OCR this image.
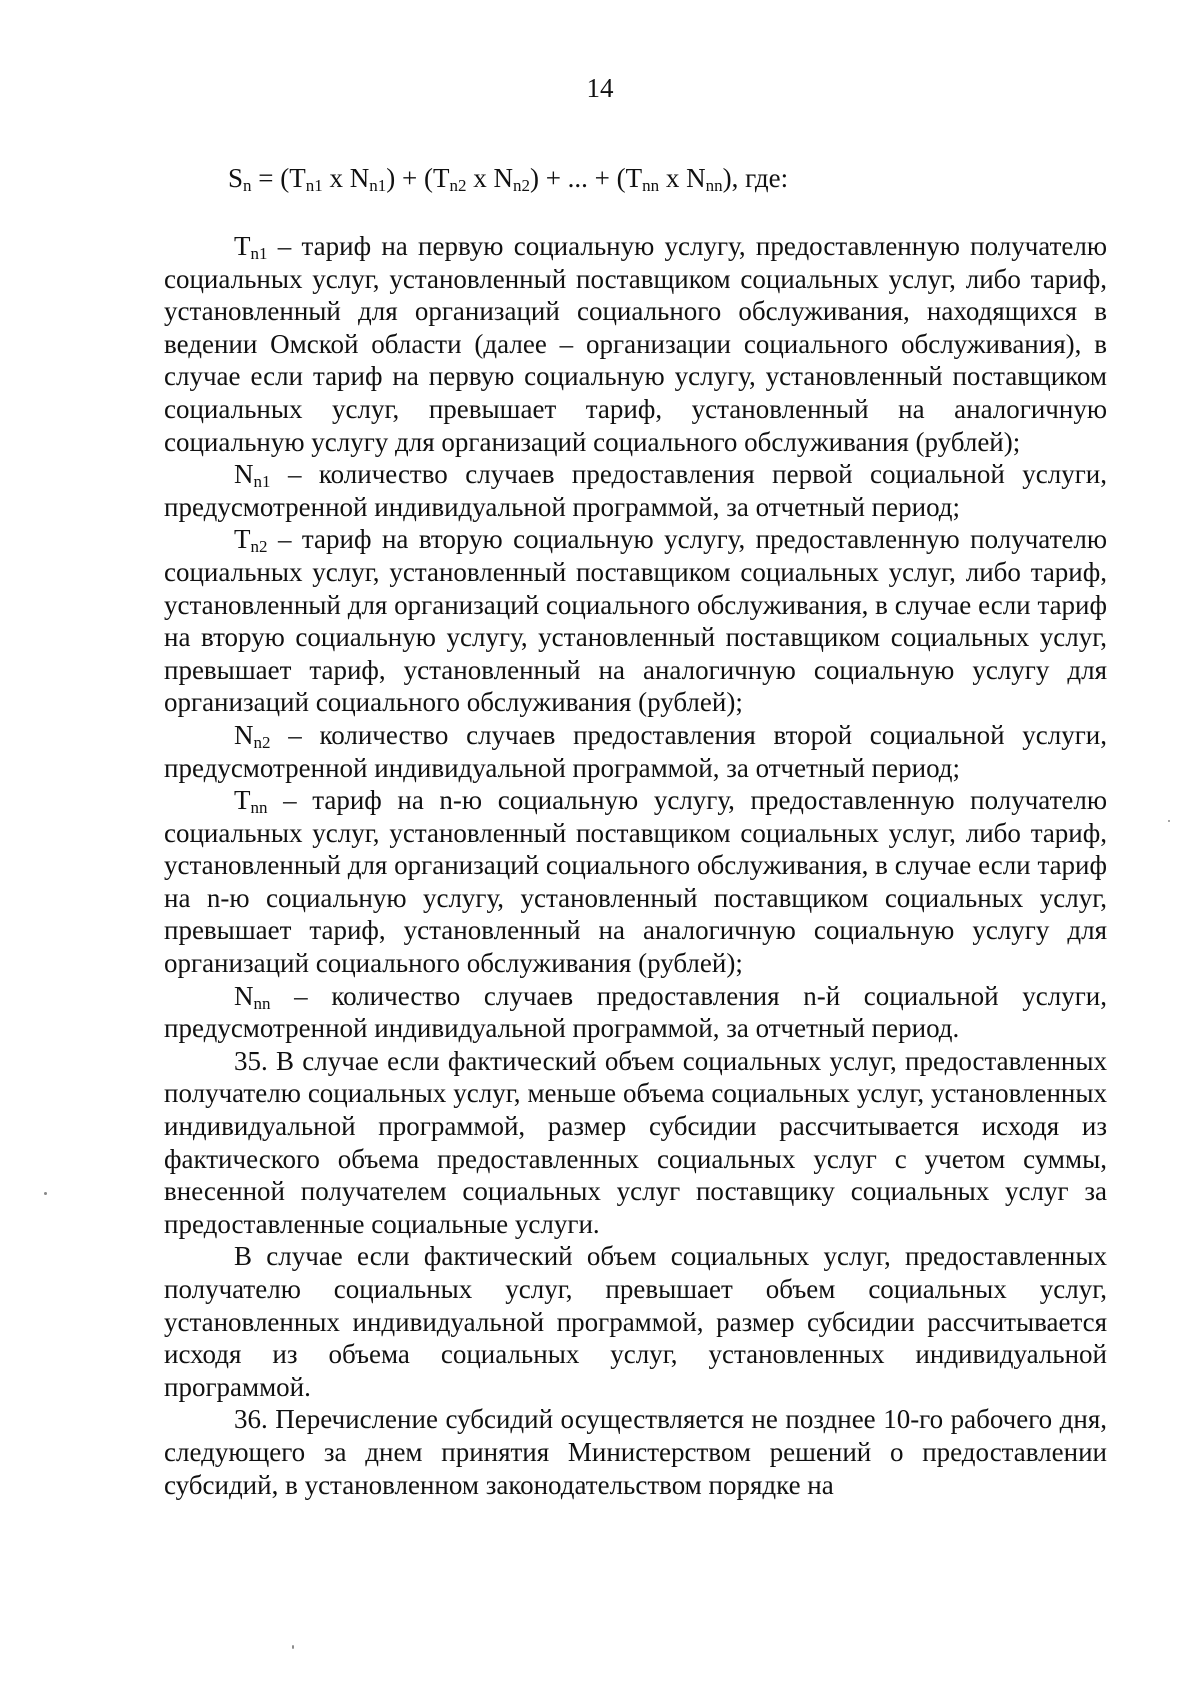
14
$S_n = (T_{n1}$ x $N_{n1}) + (T_{n2}$ x $N_{n2}$) + ... + ($T_{nn}$ x $N_{nn}$), где:

$T_{n1}$ – тариф на первую социальную услугу, предоставленную получателю социальных услуг, установленный поставщиком социальных услуг, либо тариф, установленный для организаций социального обслуживания, находящихся в ведении Омской области (далее – организации социального обслуживания), в случае если тариф на первую социальную услугу, установленный поставщиком социальных услуг, превышает тариф, установленный на аналогичную социальную услугу для организаций социального обслуживания (рублей);

$N_{n1}$ – количество случаев предоставления первой социальной услуги, предусмотренной индивидуальной программой, за отчетный период;

$T_{n2}$ – тариф на вторую социальную услугу, предоставленную получателю социальных услуг, установленный поставщиком социальных услуг, либо тариф, установленный для организаций социального обслуживания, в случае если тариф на вторую социальную услугу, установленный поставщиком социальных услуг, превышает тариф, установленный на аналогичную социальную услугу для организаций социального обслуживания (рублей);

$N_{n2}$ – количество случаев предоставления второй социальной услуги, предусмотренной индивидуальной программой, за отчетный период;

$T_{nn}$ – тариф на n-ю социальную услугу, предоставленную получателю социальных услуг, установленный поставщиком социальных услуг, либо тариф, установленный для организаций социального обслуживания, в случае если тариф на n-ю социальную услугу, установленный поставщиком социальных услуг, превышает тариф, установленный на аналогичную социальную услугу для организаций социального обслуживания (рублей);

$N_{nn}$ – количество случаев предоставления n-й социальной услуги, предусмотренной индивидуальной программой, за отчетный период.

35. В случае если фактический объем социальных услуг, предоставленных получателю социальных услуг, меньше объема социальных услуг, установленных индивидуальной программой, размер субсидии рассчитывается исходя из фактического объема предоставленных социальных услуг с учетом суммы, внесенной получателем социальных услуг поставщику социальных услуг за предоставленные социальные услуги.

В случае если фактический объем социальных услуг, предоставленных получателю социальных услуг, превышает объем социальных услуг, установленных индивидуальной программой, размер субсидии рассчитывается исходя из объема социальных услуг, установленных индивидуальной программой.

36. Перечисление субсидий осуществляется не позднее 10-го рабочего дня, следующего за днем принятия Министерством решений о предоставлении субсидий, в установленном законодательством порядке на
